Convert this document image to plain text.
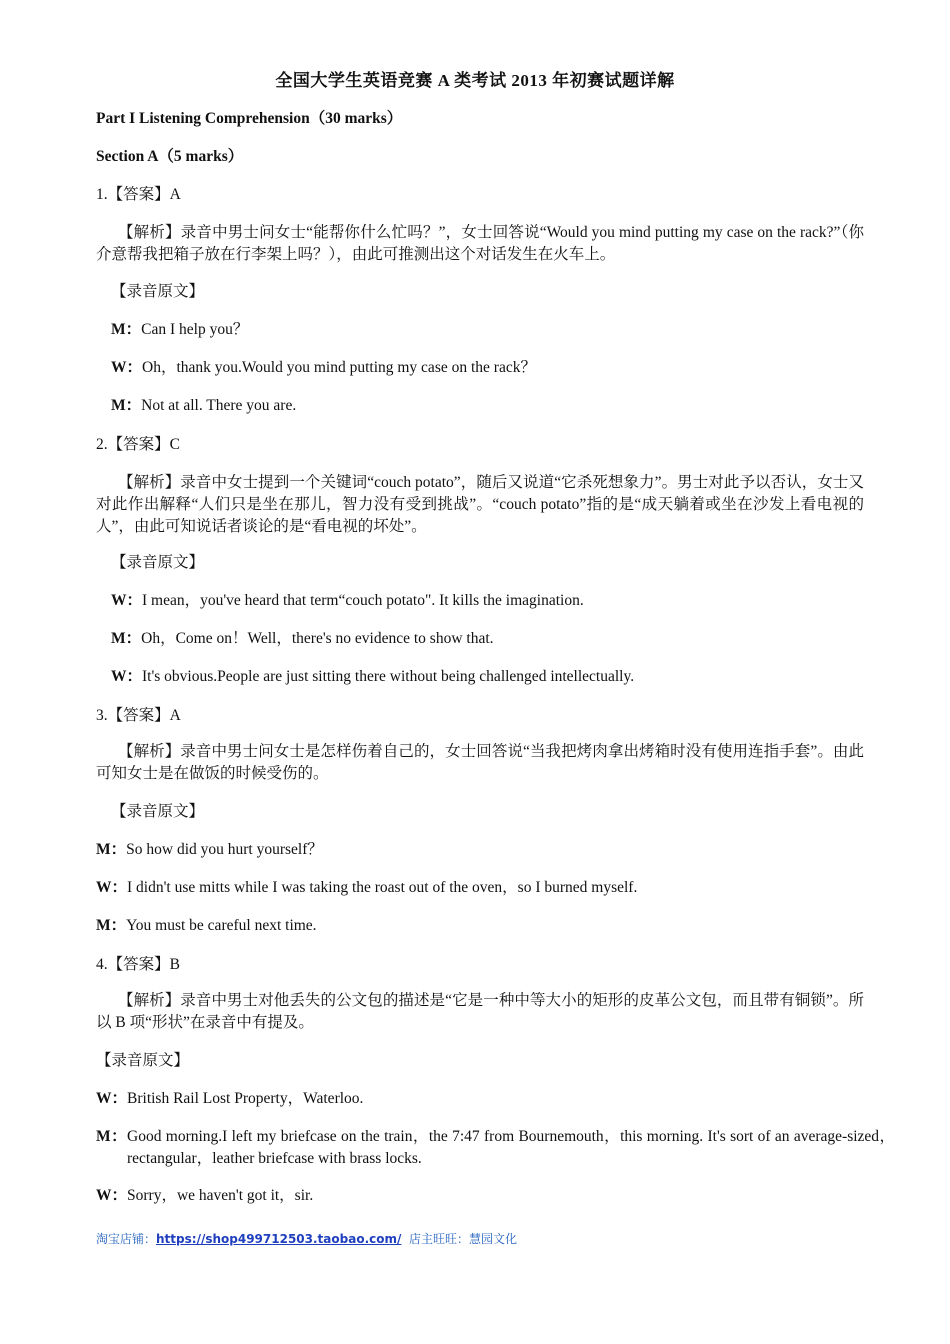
全国大学生英语竞赛 A 类考试 2013 年初赛试题详解
Part I Listening Comprehension（30 marks）
Section A（5 marks）
1.【答案】A
【解析】录音中男士问女士“能帮你什么忙吗？”，女士回答说“Would you mind putting my case on the rack?”（你介意帮我把箱子放在行李架上吗？），由此可推测出这个对话发生在火车上。
【录音原文】
M：Can I help you？
W：Oh，thank you.Would you mind putting my case on the rack？
M：Not at all. There you are.
2.【答案】C
【解析】录音中女士提到一个关键词“couch potato”，随后又说道“它杀死想象力”。男士对此予以否认，女士又对此作出解释“人们只是坐在那儿，智力没有受到挑战”。“couch potato”指的是“成天躺着或坐在沙发上看电视的人”，由此可知说话者谈论的是“看电视的坏处”。
【录音原文】
W：I mean，you've heard that term“couch potato". It kills the imagination.
M：Oh，Come on！Well，there's no evidence to show that.
W：It's obvious.People are just sitting there without being challenged intellectually.
3.【答案】A
【解析】录音中男士问女士是怎样伤着自己的，女士回答说“当我把烤肉拿出烤箱时没有使用连指手套”。由此可知女士是在做饭的时候受伤的。
【录音原文】
M：So how did you hurt yourself？
W：I didn't use mitts while I was taking the roast out of the oven，so I burned myself.
M：You must be careful next time.
4.【答案】B
【解析】录音中男士对他丢失的公文包的描述是“它是一种中等大小的矩形的皮革公文包，而且带有铜锁”。所以 B 项“形状”在录音中有提及。
【录音原文】
W：British Rail Lost Property，Waterloo.
M：Good morning.I left my briefcase on the train，the 7:47 from Bournemouth，this morning. It's sort of an average-sized，rectangular，leather briefcase with brass locks.
W：Sorry，we haven't got it，sir.
淘宝店铺：https://shop499712503.taobao.com/ 店主旺旺：慧园文化
